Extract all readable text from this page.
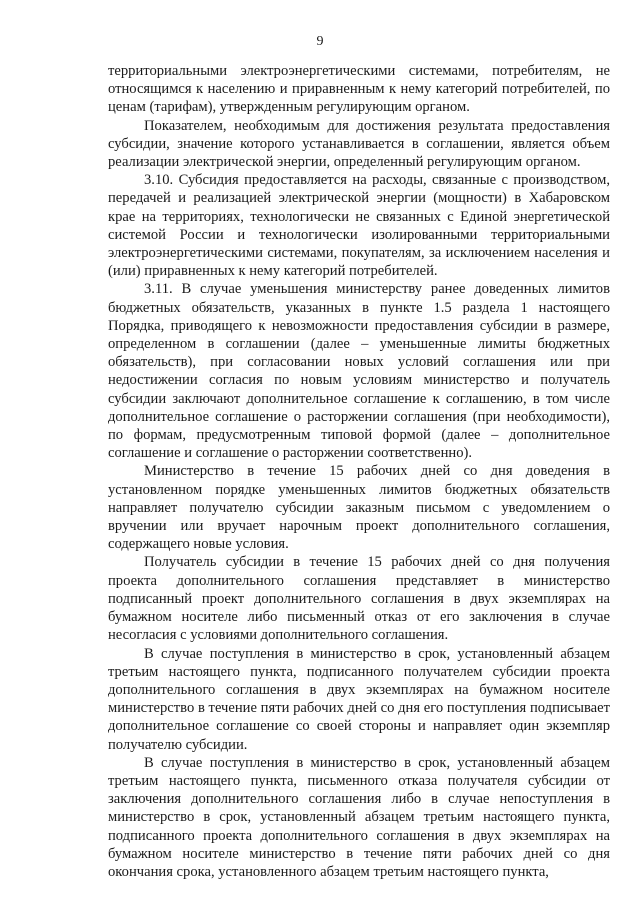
9

территориальными электроэнергетическими системами, потребителям, не относящимся к населению и приравненным к нему категорий потребителей, по ценам (тарифам), утвержденным регулирующим органом.

Показателем, необходимым для достижения результата предоставления субсидии, значение которого устанавливается в соглашении, является объем реализации электрической энергии, определенный регулирующим органом.

3.10. Субсидия предоставляется на расходы, связанные с производством, передачей и реализацией электрической энергии (мощности) в Хабаровском крае на территориях, технологически не связанных с Единой энергетической системой России и технологически изолированными территориальными электроэнергетическими системами, покупателям, за исключением населения и (или) приравненных к нему категорий потребителей.

3.11. В случае уменьшения министерству ранее доведенных лимитов бюджетных обязательств, указанных в пункте 1.5 раздела 1 настоящего Порядка, приводящего к невозможности предоставления субсидии в размере, определенном в соглашении (далее – уменьшенные лимиты бюджетных обязательств), при согласовании новых условий соглашения или при недостижении согласия по новым условиям министерство и получатель субсидии заключают дополнительное соглашение к соглашению, в том числе дополнительное соглашение о расторжении соглашения (при необходимости), по формам, предусмотренным типовой формой (далее – дополнительное соглашение и соглашение о расторжении соответственно).

Министерство в течение 15 рабочих дней со дня доведения в установленном порядке уменьшенных лимитов бюджетных обязательств направляет получателю субсидии заказным письмом с уведомлением о вручении или вручает нарочным проект дополнительного соглашения, содержащего новые условия.

Получатель субсидии в течение 15 рабочих дней со дня получения проекта дополнительного соглашения представляет в министерство подписанный проект дополнительного соглашения в двух экземплярах на бумажном носителе либо письменный отказ от его заключения в случае несогласия с условиями дополнительного соглашения.

В случае поступления в министерство в срок, установленный абзацем третьим настоящего пункта, подписанного получателем субсидии проекта дополнительного соглашения в двух экземплярах на бумажном носителе министерство в течение пяти рабочих дней со дня его поступления подписывает дополнительное соглашение со своей стороны и направляет один экземпляр получателю субсидии.

В случае поступления в министерство в срок, установленный абзацем третьим настоящего пункта, письменного отказа получателя субсидии от заключения дополнительного соглашения либо в случае непоступления в министерство в срок, установленный абзацем третьим настоящего пункта, подписанного проекта дополнительного соглашения в двух экземплярах на бумажном носителе министерство в течение пяти рабочих дней со дня окончания срока, установленного абзацем третьим настоящего пункта,
